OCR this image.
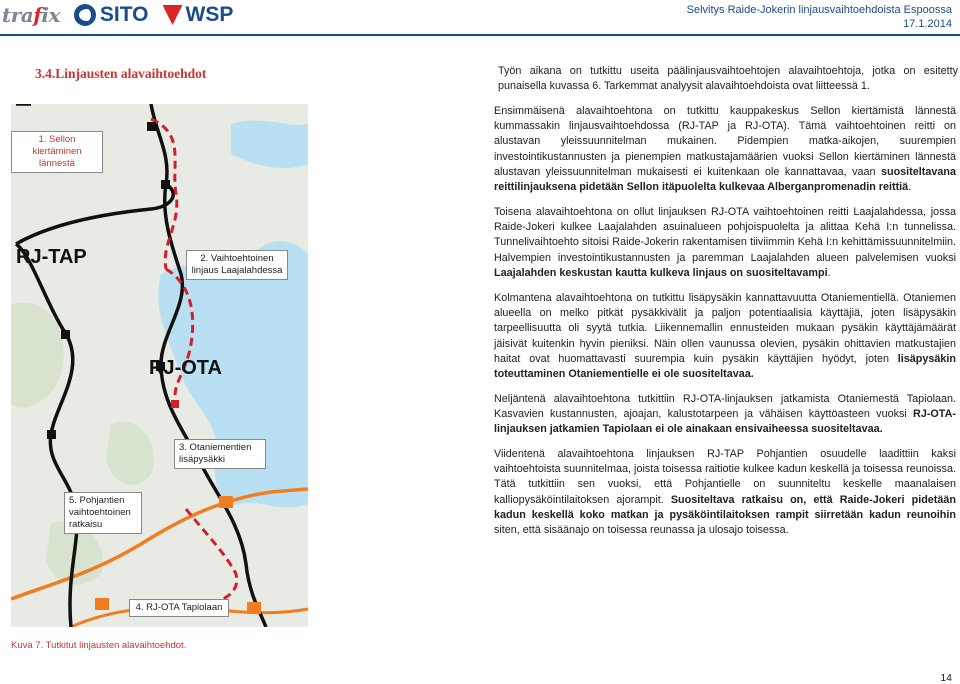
trafix	SITO	WSP	Selvitys Raide-Jokerin linjausvaihtoehdoista Espoossa
17.1.2014
3.4.Linjausten alavaihtoehdot	Työn aikana on tutkittu useita päälinjausvaihtoehtojen alavaihtoehtoja, jotka on esitetty punaisella kuvassa 6. Tarkemmat analyysit alavaihtoehdoista ovat liitteessä 1.
1. Sellon kiertäminen lännestä
RJ-TAP	2. Vaihtoehtoinen linjaus Laajalahdessa
RJ-OTA
3. Otaniementien lisäpysäkki
5. Pohjantien vaihtoehtoinen ratkaisu
4. RJ-OTA Tapiolaan
Kuva 7. Tutkitut linjausten alavaihtoehdot.
Ensimmäisenä alavaihtoehtona on tutkittu kauppakeskus Sellon kiertämistä lännestä kummassakin linjausvaihtoehdossa (RJ-TAP ja RJ-OTA). Tämä vaihtoehtoinen reitti on alustavan yleissuunnitelman mukainen. Pidempien matka-aikojen, suurempien investointikustannusten ja pienempien matkustajamäärien vuoksi Sellon kiertäminen lännestä alustavan yleissuunnitelman mukaisesti ei kuitenkaan ole kannattavaa, vaan suositeltavana reittilinjauksena pidetään Sellon itäpuolelta kulkevaa Alberganpromenadin reittiä.
Toisena alavaihtoehtona on ollut linjauksen RJ-OTA vaihtoehtoinen reitti Laajalahdessa, jossa Raide-Jokeri kulkee Laajalahden asuinalueen pohjoispuolelta ja alittaa Kehä I:n tunnelissa. Tunnelivaihtoehto sitoisi Raide-Jokerin rakentamisen tiiviimmin Kehä I:n kehittämissuunnitelmiin. Halvempien investointikustannusten ja paremman Laajalahden alueen palvelemisen vuoksi Laajalahden keskustan kautta kulkeva linjaus on suositeltavampi.
Kolmantena alavaihtoehtona on tutkittu lisäpysäkin kannattavuutta Otaniementiellä. Otaniemen alueella on melko pitkät pysäkkivälit ja paljon potentiaalisia käyttäjiä, joten lisäpysäkin tarpeellisuutta oli syytä tutkia. Liikennemallin ennusteiden mukaan pysäkin käyttäjämäärät jäisivät kuitenkin hyvin pieniksi. Näin ollen vaunussa olevien, pysäkin ohittavien matkustajien haitat ovat huomattavasti suurempia kuin pysäkin käyttäjien hyödyt, joten lisäpysäkin toteuttaminen Otaniementielle ei ole suositeltavaa.
Neljäntenä alavaihtoehtona tutkittiin RJ-OTA-linjauksen jatkamista Otaniemestä Tapiolaan. Kasvavien kustannusten, ajoajan, kalustotarpeen ja vähäisen käyttöasteen vuoksi RJ-OTA-linjauksen jatkamien Tapiolaan ei ole ainakaan ensivaiheessa suositeltavaa.
Viidentenä alavaihtoehtona linjauksen RJ-TAP Pohjantien osuudelle laadittiin kaksi vaihtoehtoista suunnitelmaa, joista toisessa raitiotie kulkee kadun keskellä ja toisessa reunoissa. Tätä tutkittiin sen vuoksi, että Pohjantielle on suunniteltu keskelle maanalaisen kalliopysäköintilaitoksen ajorampit. Suositeltava ratkaisu on, että Raide-Jokeri pidetään kadun keskellä koko matkan ja pysäköintilaitoksen rampit siirretään kadun reunoihin siten, että sisäänajo on toisessa reunassa ja ulosajo toisessa.
14
